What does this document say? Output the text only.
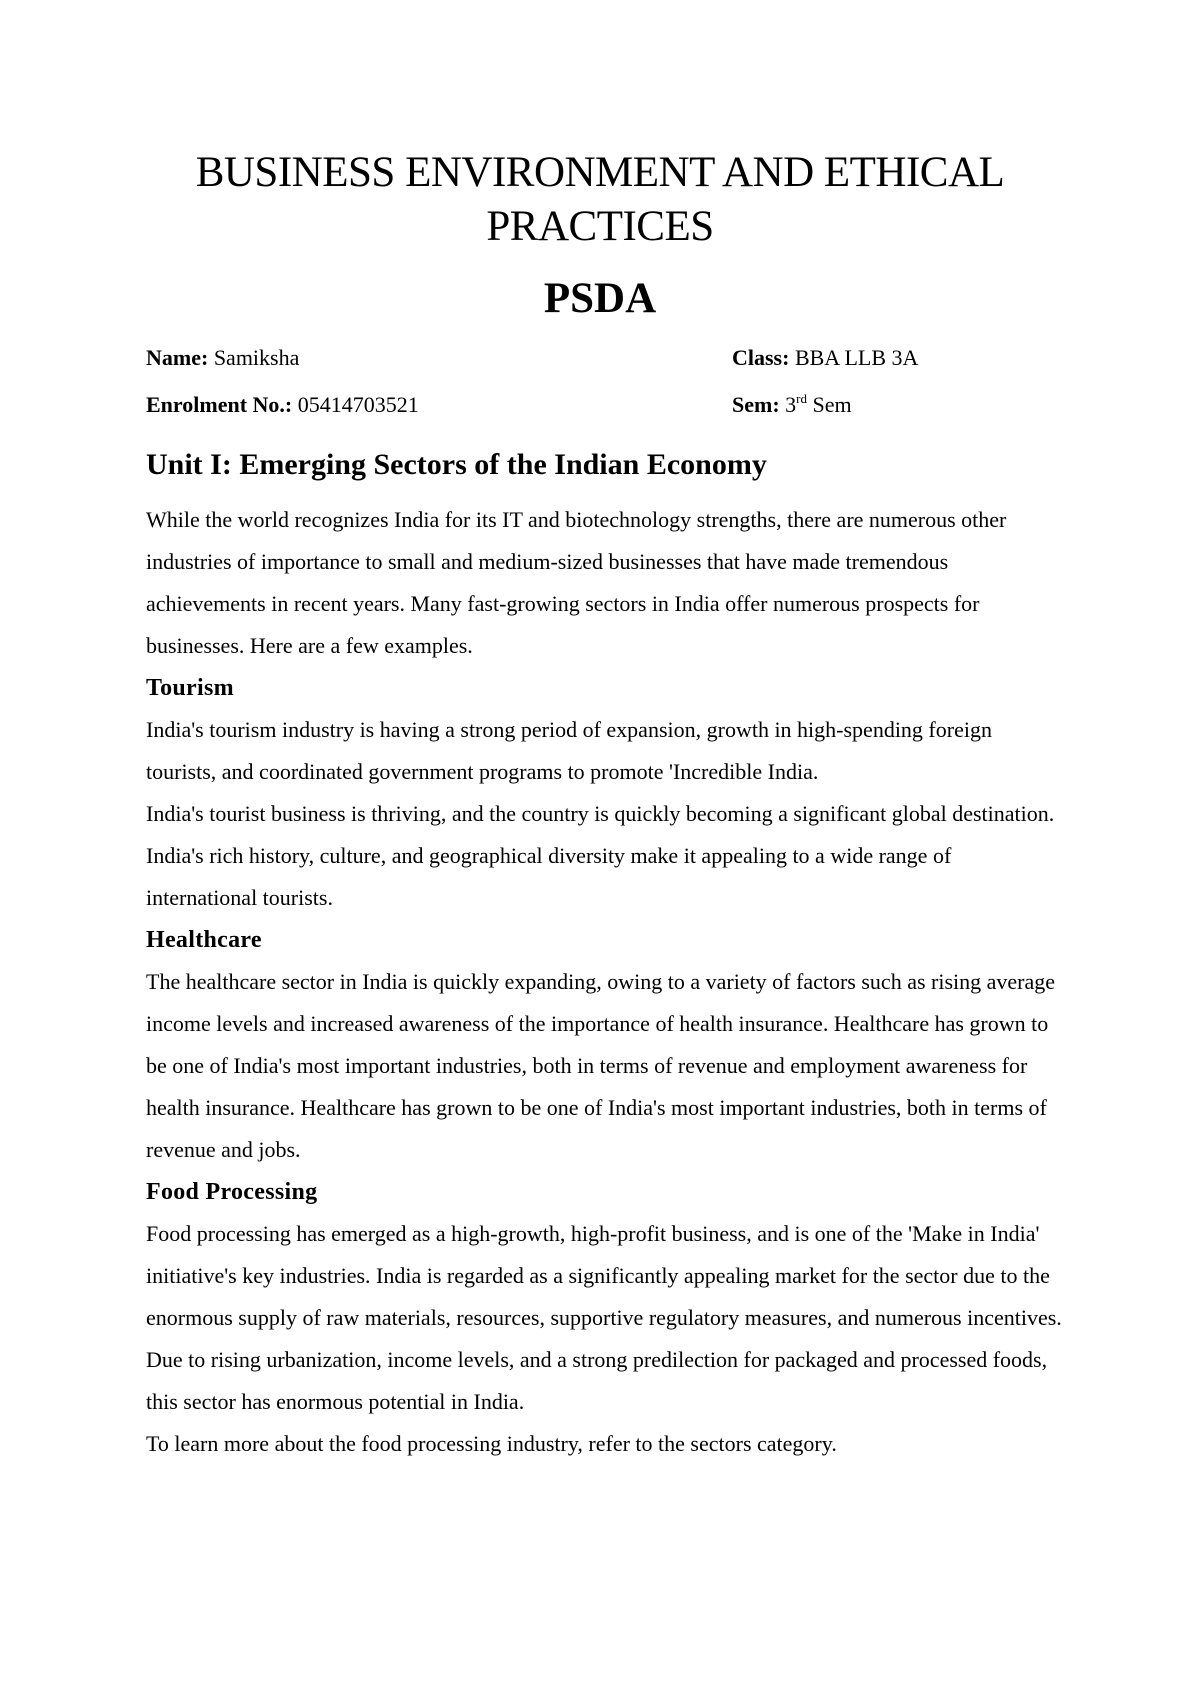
BUSINESS ENVIRONMENT AND ETHICAL PRACTICES
PSDA
Name: Samiksha	Class: BBA LLB 3A
Enrolment No.: 05414703521	Sem: 3rd Sem
Unit I: Emerging Sectors of the Indian Economy

While the world recognizes India for its IT and biotechnology strengths, there are numerous other industries of importance to small and medium-sized businesses that have made tremendous achievements in recent years. Many fast-growing sectors in India offer numerous prospects for businesses. Here are a few examples.

Tourism

India's tourism industry is having a strong period of expansion, growth in high-spending foreign tourists, and coordinated government programs to promote 'Incredible India.

India's tourist business is thriving, and the country is quickly becoming a significant global destination. India's rich history, culture, and geographical diversity make it appealing to a wide range of international tourists.

Healthcare

The healthcare sector in India is quickly expanding, owing to a variety of factors such as rising average income levels and increased awareness of the importance of health insurance. Healthcare has grown to be one of India's most important industries, both in terms of revenue and employment awareness for health insurance. Healthcare has grown to be one of India's most important industries, both in terms of revenue and jobs.

Food Processing

Food processing has emerged as a high-growth, high-profit business, and is one of the 'Make in India' initiative's key industries. India is regarded as a significantly appealing market for the sector due to the enormous supply of raw materials, resources, supportive regulatory measures, and numerous incentives. Due to rising urbanization, income levels, and a strong predilection for packaged and processed foods, this sector has enormous potential in India.

To learn more about the food processing industry, refer to the sectors category.
